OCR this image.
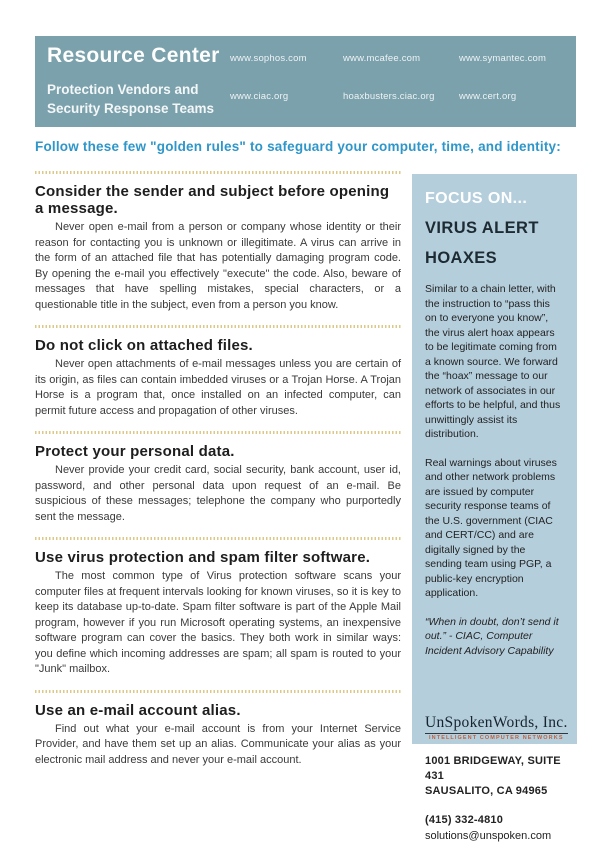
Resource Center
Protection Vendors and
Security Response Teams
www.sophos.com	www.mcafee.com	www.symantec.com
www.ciac.org	hoaxbusters.ciac.org	www.cert.org
Follow these few "golden rules" to safeguard your computer, time, and identity:
Consider the sender and subject before opening a message.
Never open e-mail from a person or company whose identity or their reason for contacting you is unknown or illegitimate. A virus can arrive in the form of an attached file that has potentially damaging program code. By opening the e-mail you effectively "execute" the code. Also, beware of messages that have spelling mistakes, special characters, or a questionable title in the subject, even from a person you know.
Do not click on attached files.
Never open attachments of e-mail messages unless you are certain of its origin, as files can contain imbedded viruses or a Trojan Horse. A Trojan Horse is a program that, once installed on an infected computer, can permit future access and propagation of other viruses.
Protect your personal data.
Never provide your credit card, social security, bank account, user id, password, and other personal data upon request of an e-mail. Be suspicious of these messages; telephone the company who purportedly sent the message.
Use virus protection and spam filter software.
The most common type of Virus protection software scans your computer files at frequent intervals looking for known viruses, so it is key to keep its database up-to-date. Spam filter software is part of the Apple Mail program, however if you run Microsoft operating systems, an inexpensive software program can cover the basics. They both work in similar ways: you define which incoming addresses are spam; all spam is routed to your "Junk" mailbox.
Use an e-mail account alias.
Find out what your e-mail account is from your Internet Service Provider, and have them set up an alias. Communicate your alias as your electronic mail address and never your e-mail account.
FOCUS ON...
VIRUS ALERT
HOAXES
Similar to a chain letter, with the instruction to “pass this on to everyone you know”, the virus alert hoax appears to be legitimate coming from a known source. We forward the “hoax” message to our network of associates in our efforts to be helpful, and thus unwittingly assist its distribution.
Real warnings about viruses and other network problems are issued by computer security response teams of the U.S. government (CIAC and CERT/CC) and are digitally signed by the sending team using PGP, a public-key encryption application.
“When in doubt, don’t send it out.” - CIAC, Computer Incident Advisory Capability
UnSpokenWords, Inc.
INTELLIGENT COMPUTER NETWORKS
1001 BRIDGEWAY, SUITE 431
SAUSALITO, CA 94965
(415) 332-4810
solutions@unspoken.com
